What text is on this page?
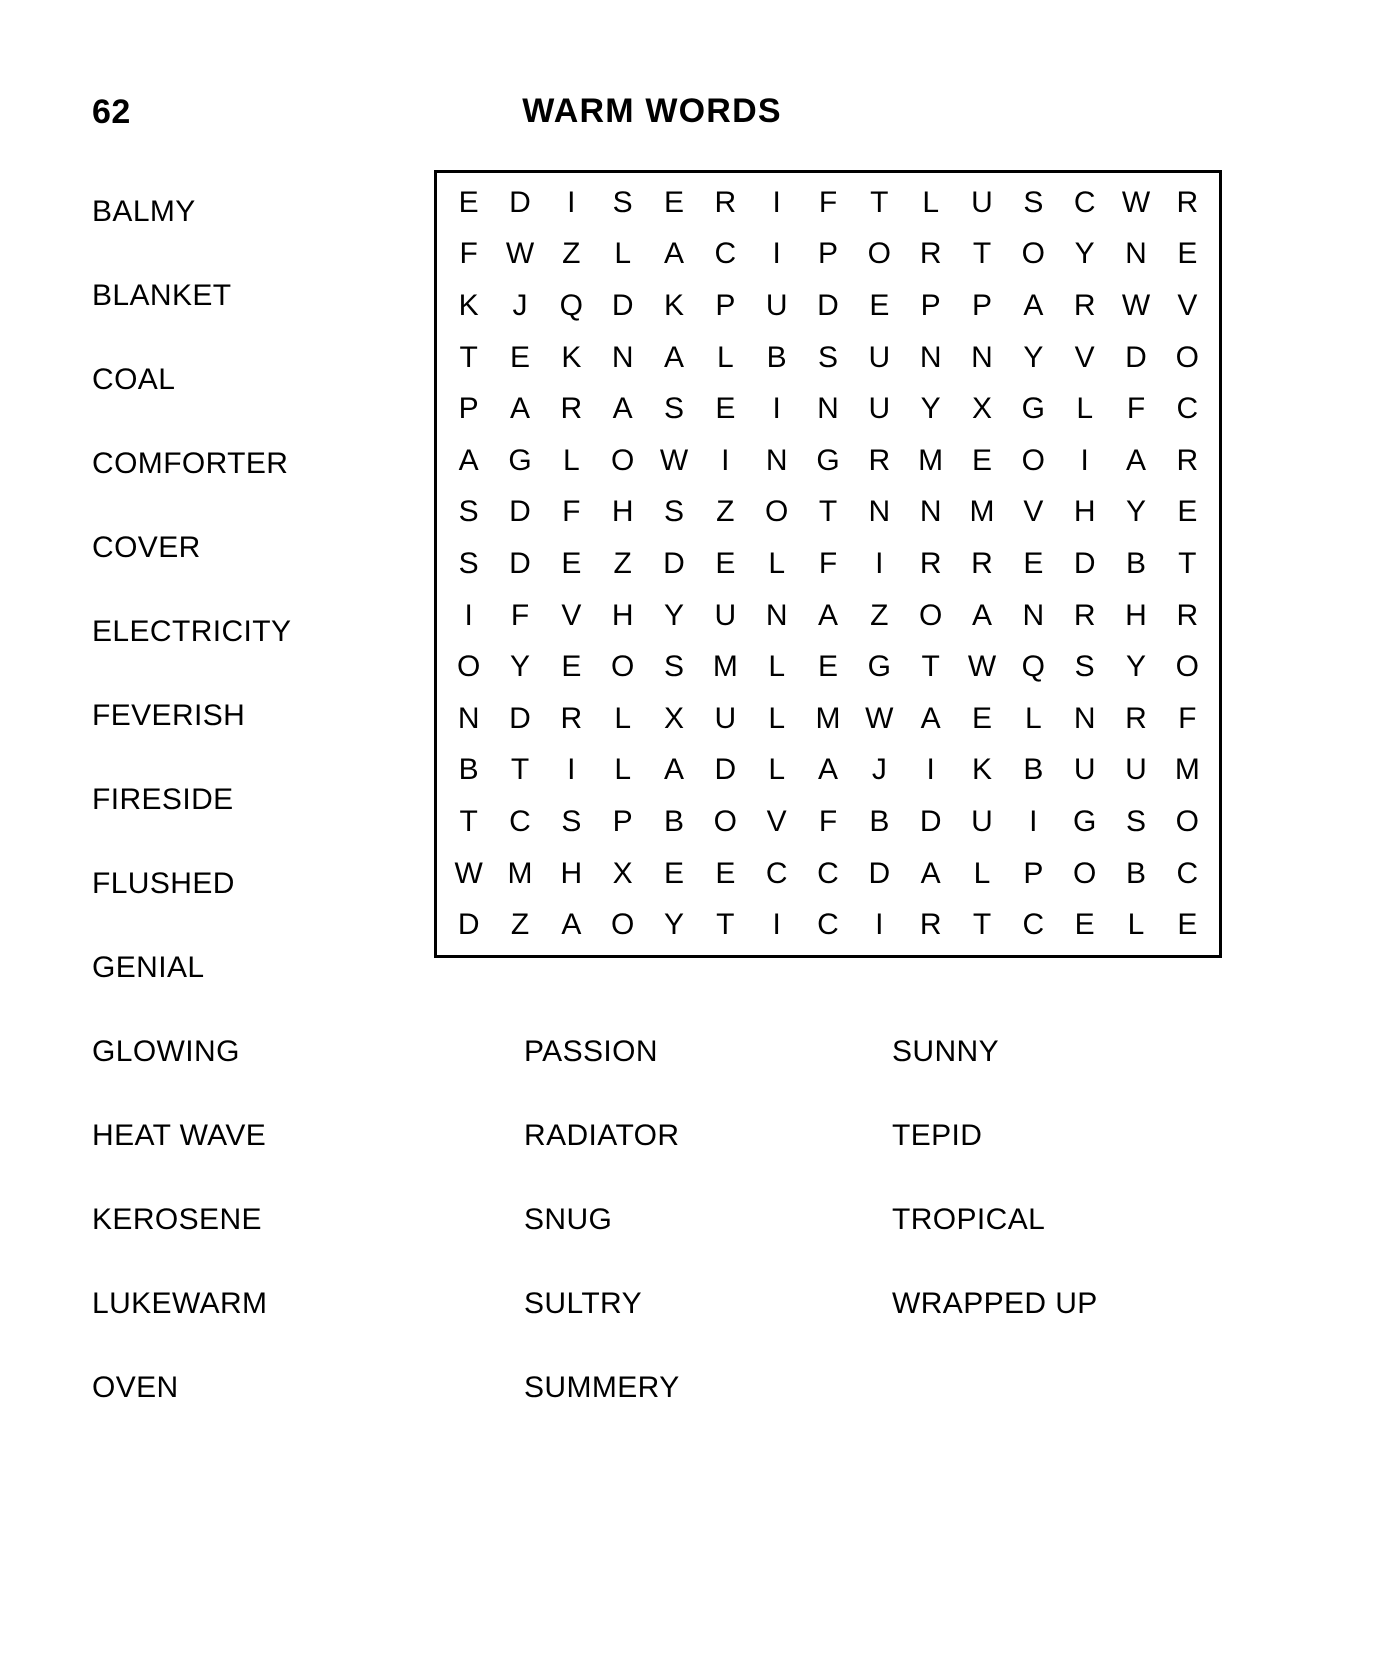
62	WARM WORDS
BALMY
BLANKET
COAL
COMFORTER
COVER
ELECTRICITY
FEVERISH
FIRESIDE
FLUSHED
GENIAL
E	D	I	S	E	R	I	F	T	L	U	S	C W R
F W Z	L	A	C	I	P O R	T	O Y	N	E
K	J	Q D	K	P	U D	E	P	P	A	R W V
T	E	K	N	A	L	B	S	U N N	Y	V	D O
P	A	R	A	S	E	I	N U	Y	X G	L	F	C
A G	L	O W	I	N G R M E O	I	A	R
S	D	F	H	S	Z	O	T	N N M V	H	Y	E
S	D	E	Z	D	E	L	F	I	R R	E	D	B	T
I	F	V	H	Y	U N	A	Z	O A	N R H R
O Y	E O S M	L	E G	T W Q S	Y O
N D R	L	X	U	L	M W A	E	L	N R	F
B	T	I	L	A	D	L	A	J	I	K	B	U U M
T	C	S	P	B O V	F	B	D U	I	G S O
W M H	X	E	E	C C D	A	L	P O B	C
D	Z	A O Y	T	I	C	I	R	T	C	E	L	E
GLOWING	PASSION	SUNNY
HEAT WAVE	RADIATOR	TEPID
KEROSENE	SNUG	TROPICAL
LUKEWARM	SULTRY	WRAPPED UP
OVEN	SUMMERY
